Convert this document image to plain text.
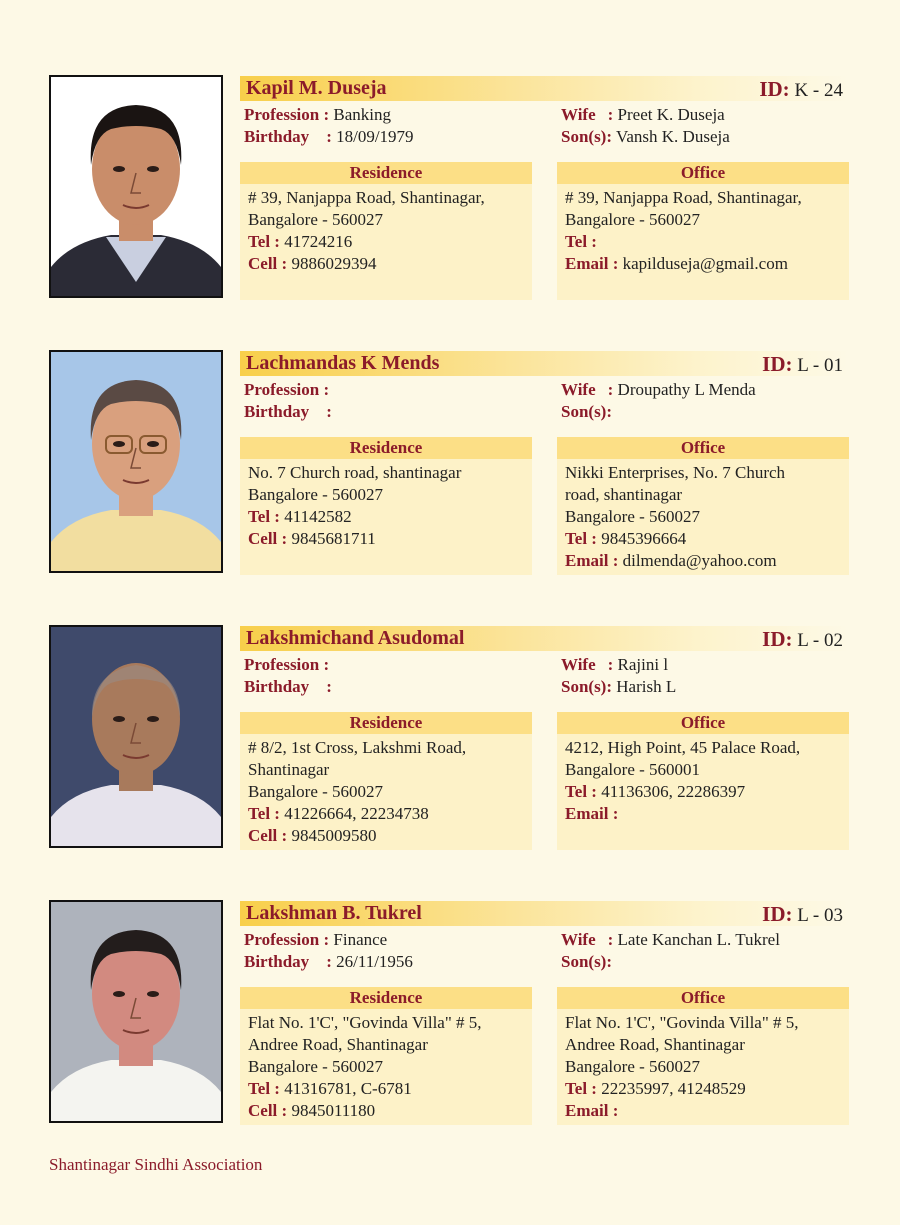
Kapil M. Duseja	ID: K - 24
Profession : Banking
Birthday : 18/09/1979
Wife : Preet K. Duseja
Son(s): Vansh K. Duseja
Residence
# 39, Nanjappa Road, Shantinagar,
Bangalore - 560027
Tel : 41724216
Cell : 9886029394
Office
# 39, Nanjappa Road, Shantinagar,
Bangalore - 560027
Tel :
Email : kapilduseja@gmail.com
Lachmandas K Mends	ID: L - 01
Profession :
Birthday :
Wife : Droupathy L Menda
Son(s):
Residence
No. 7 Church road, shantinagar
Bangalore - 560027
Tel : 41142582
Cell : 9845681711
Office
Nikki Enterprises, No. 7 Church
road, shantinagar
Bangalore - 560027
Tel : 9845396664
Email : dilmenda@yahoo.com
Lakshmichand Asudomal	ID: L - 02
Profession :
Birthday :
Wife : Rajini l
Son(s): Harish L
Residence
# 8/2, 1st Cross, Lakshmi Road,
Shantinagar
Bangalore - 560027
Tel : 41226664, 22234738
Cell : 9845009580
Office
4212, High Point, 45 Palace Road,
Bangalore - 560001
Tel : 41136306, 22286397
Email :
Lakshman B. Tukrel	ID: L - 03
Profession : Finance
Birthday : 26/11/1956
Wife : Late Kanchan L. Tukrel
Son(s):
Residence
Flat No. 1'C', "Govinda Villa" # 5,
Andree Road, Shantinagar
Bangalore - 560027
Tel : 41316781, C-6781
Cell : 9845011180
Office
Flat No. 1'C', "Govinda Villa" # 5,
Andree Road, Shantinagar
Bangalore - 560027
Tel : 22235997, 41248529
Email :
Shantinagar Sindhi Association
